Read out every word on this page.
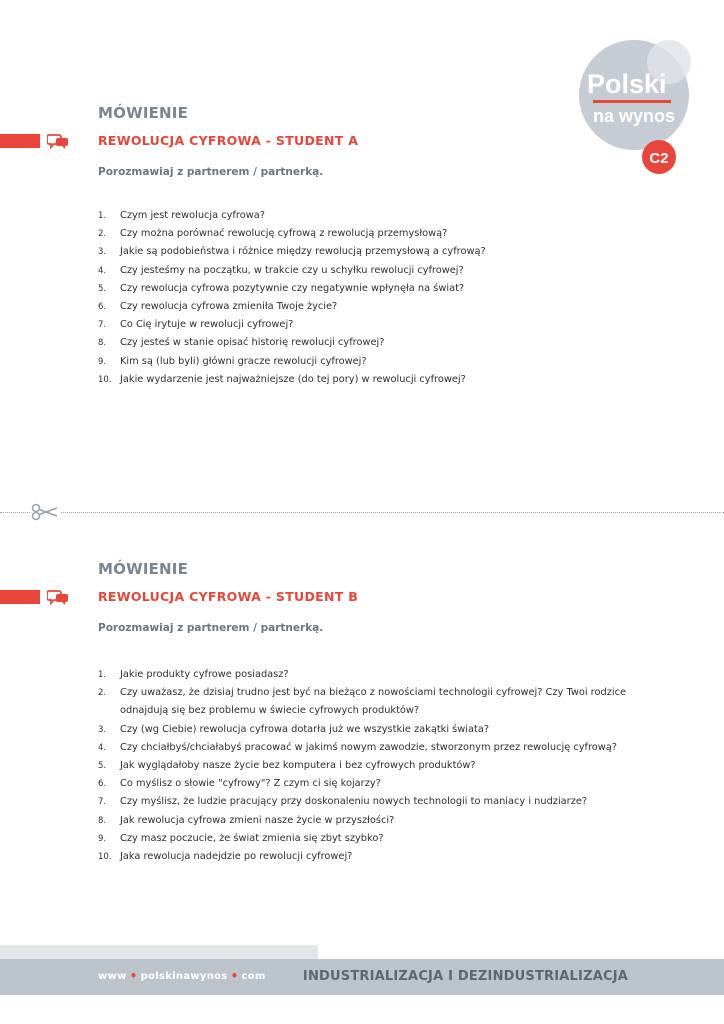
Polski
na wynos
C2
MÓWIENIE
REWOLUCJA CYFROWA - STUDENT A

Porozmawiaj z partnerem / partnerką.

1.	Czym jest rewolucja cyfrowa?
2.	Czy można porównać rewolucję cyfrową z rewolucją przemysłową?
3.	Jakie są podobieństwa i różnice między rewolucją przemysłową a cyfrową?
4.	Czy jesteśmy na początku, w trakcie czy u schyłku rewolucji cyfrowej?
5.	Czy rewolucja cyfrowa pozytywnie czy negatywnie wpłynęła na świat?
6.	Czy rewolucja cyfrowa zmieniła Twoje życie?
7.	Co Cię irytuje w rewolucji cyfrowej?
8.	Czy jesteś w stanie opisać historię rewolucji cyfrowej?
9.	Kim są (lub byli) główni gracze rewolucji cyfrowej?
10. Jakie wydarzenie jest najważniejsze (do tej pory) w rewolucji cyfrowej?
MÓWIENIE
REWOLUCJA CYFROWA - STUDENT B

Porozmawiaj z partnerem / partnerką.

1.	Jakie produkty cyfrowe posiadasz?
2.	Czy uważasz, że dzisiaj trudno jest być na bieżąco z nowościami technologii cyfrowej? Czy Twoi rodzice odnajdują się bez problemu w świecie cyfrowych produktów?
3.	Czy (wg Ciebie) rewolucja cyfrowa dotarła już we wszystkie zakątki świata?
4.	Czy chciałbyś/chciałabyś pracować w jakimś nowym zawodzie, stworzonym przez rewolucję cyfrową?
5.	Jak wyglądałoby nasze życie bez komputera i bez cyfrowych produktów?
6.	Co myślisz o słowie "cyfrowy"? Z czym ci się kojarzy?
7.	Czy myślisz, że ludzie pracujący przy doskonaleniu nowych technologii to maniacy i nudziarze?
8.	Jak rewolucja cyfrowa zmieni nasze życie w przyszłości?
9.	Czy masz poczucie, że świat zmienia się zbyt szybko?
10. Jaka rewolucja nadejdzie po rewolucji cyfrowej?
www • polskinawynos • com	INDUSTRIALIZACJA I DEZINDUSTRIALIZACJA
